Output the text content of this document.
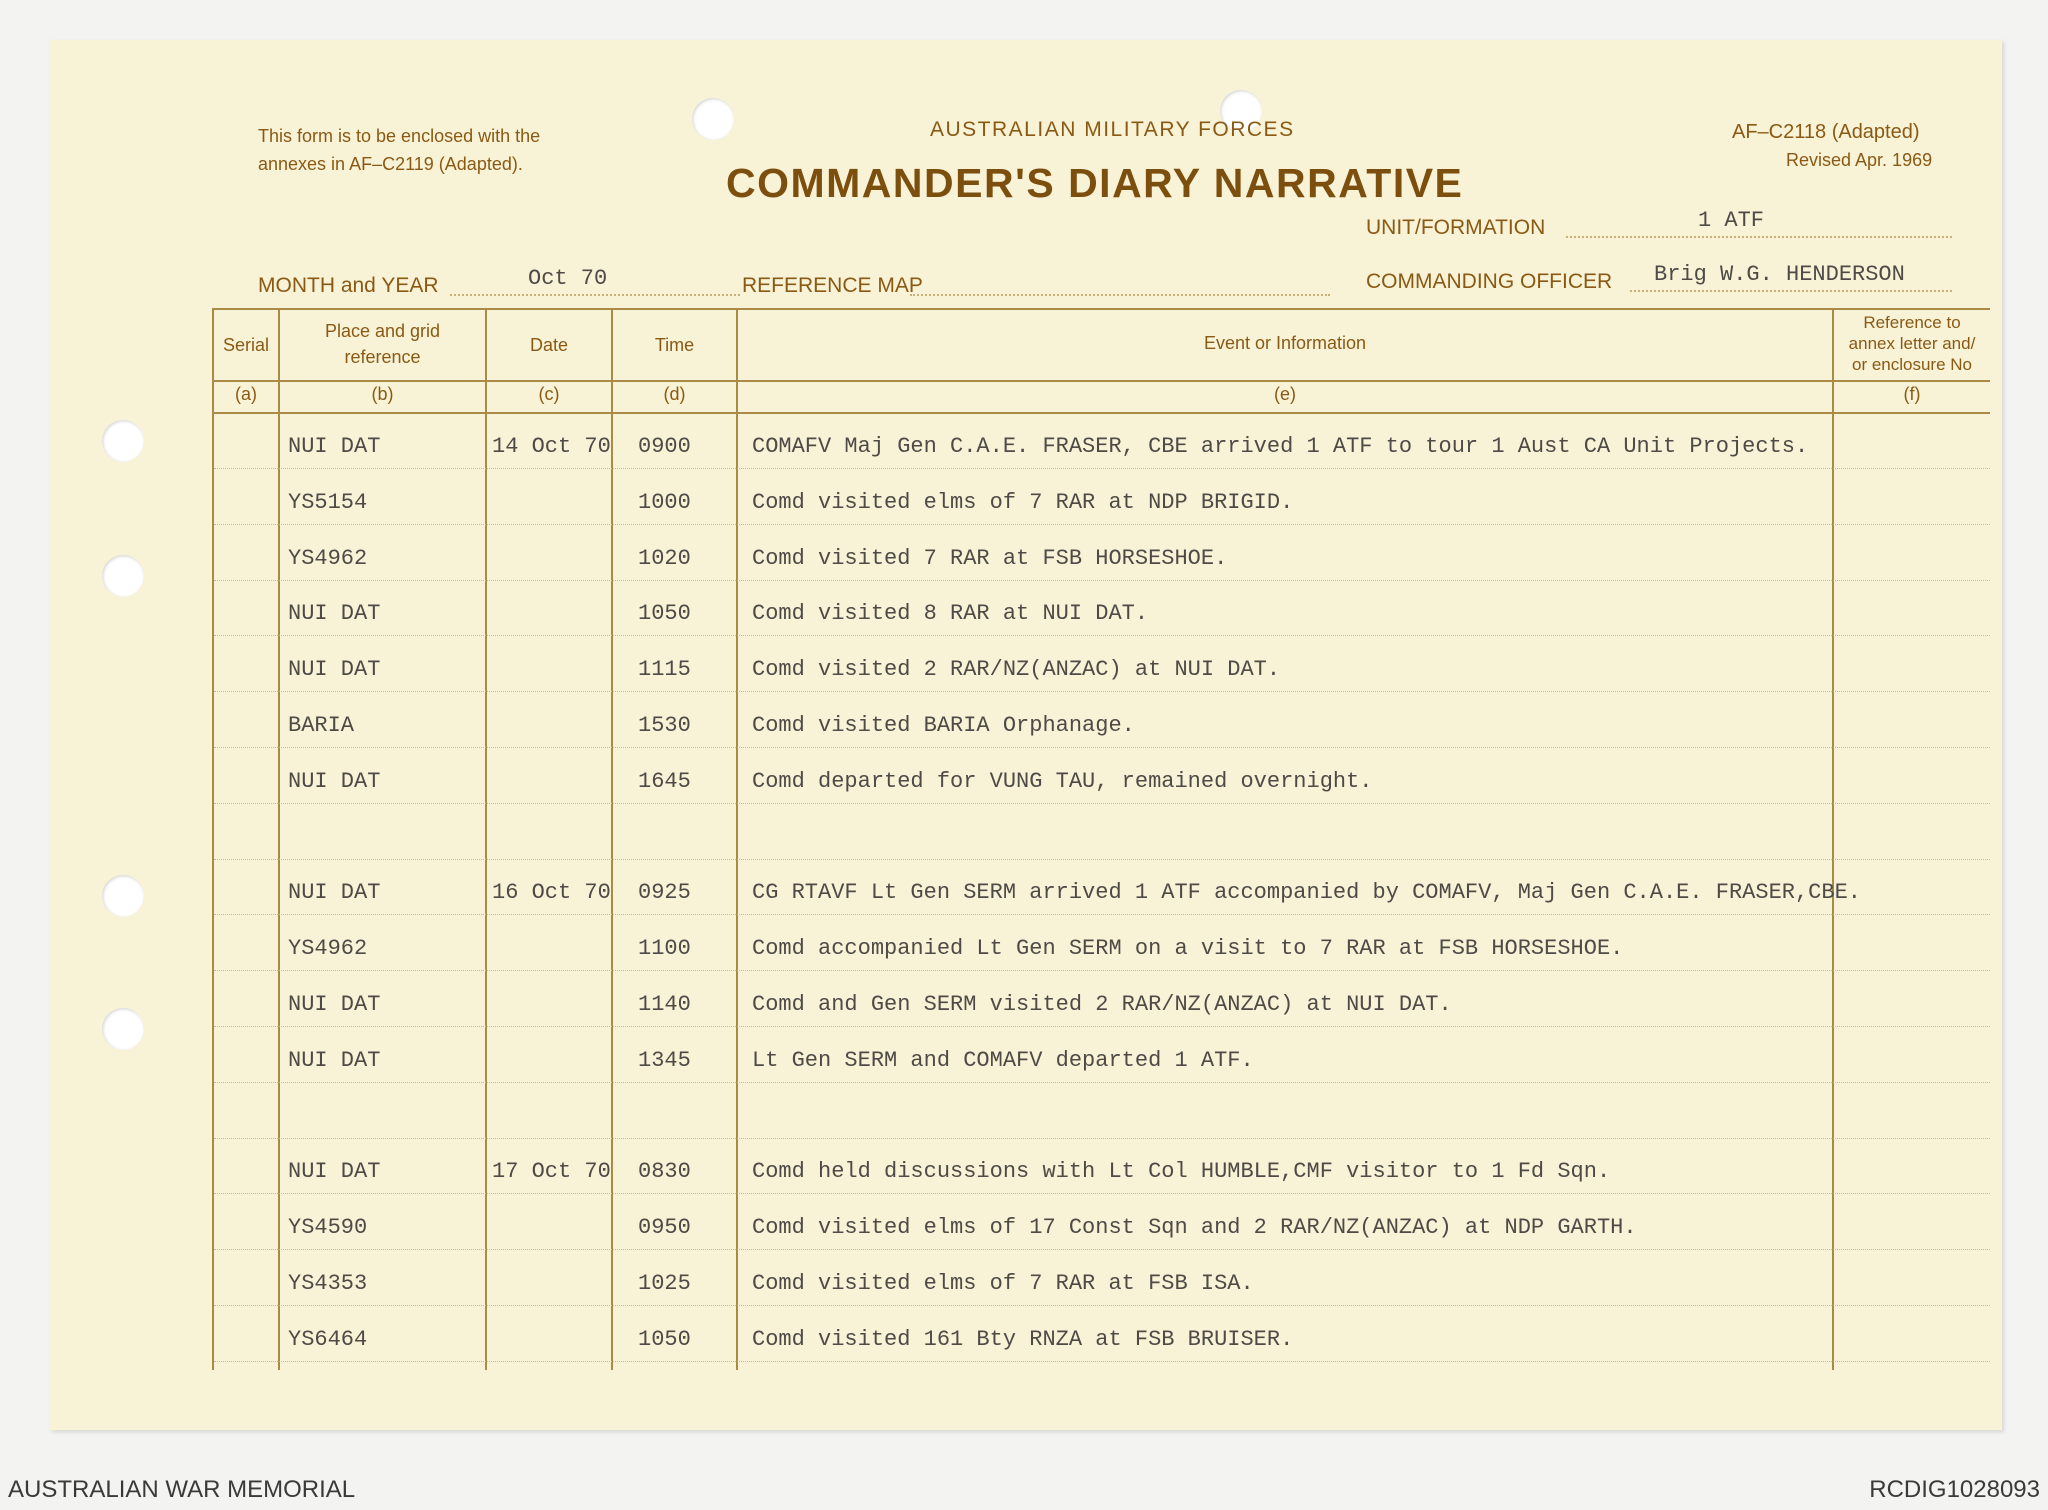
This form is to be enclosed with the
annexes in AF–C2119 (Adapted).
AUSTRALIAN MILITARY FORCES
COMMANDER'S DIARY NARRATIVE
AF–C2118 (Adapted)
Revised Apr. 1969
UNIT/FORMATION	1 ATF
MONTH and YEAR	Oct 70	REFERENCE MAP	COMMANDING OFFICER Brig W.G. HENDERSON
Serial
Place and grid
reference
Date	Time	Event or Information
Reference to
annex letter and/
or enclosure No
(a)	(b)	(c)	(d)	(e)	(f)
NUI DAT	14 Oct 70 0900	COMAFV Maj Gen C.A.E. FRASER, CBE arrived 1 ATF to tour 1 Aust CA Unit Projects.
YS5154	1000	Comd visited elms of 7 RAR at NDP BRIGID.
YS4962	1020	Comd visited 7 RAR at FSB HORSESHOE.
NUI DAT	1050	Comd visited 8 RAR at NUI DAT.
NUI DAT	1115	Comd visited 2 RAR/NZ(ANZAC) at NUI DAT.
BARIA	1530	Comd visited BARIA Orphanage.
NUI DAT	1645	Comd departed for VUNG TAU, remained overnight.
NUI DAT	16 Oct 70 0925	CG RTAVF Lt Gen SERM arrived 1 ATF accompanied by COMAFV, Maj Gen C.A.E. FRASER,CBE.
YS4962	1100	Comd accompanied Lt Gen SERM on a visit to 7 RAR at FSB HORSESHOE.
NUI DAT	1140	Comd and Gen SERM visited 2 RAR/NZ(ANZAC) at NUI DAT.
NUI DAT	1345	Lt Gen SERM and COMAFV departed 1 ATF.
NUI DAT	17 Oct 70 0830	Comd held discussions with Lt Col HUMBLE,CMF visitor to 1 Fd Sqn.
YS4590	0950	Comd visited elms of 17 Const Sqn and 2 RAR/NZ(ANZAC) at NDP GARTH.
YS4353	1025	Comd visited elms of 7 RAR at FSB ISA.
YS6464	1050	Comd visited 161 Bty RNZA at FSB BRUISER.
AUSTRALIAN WAR MEMORIAL	RCDIG1028093
